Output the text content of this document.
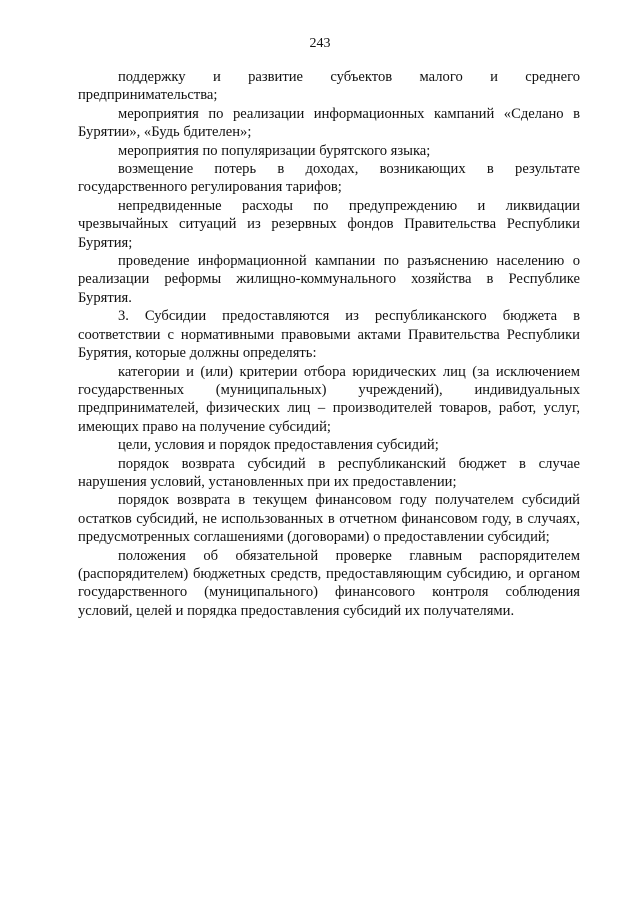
243

поддержку и развитие субъектов малого и среднего предпринимательства;

мероприятия по реализации информационных кампаний «Сделано в Бурятии», «Будь бдителен»;

мероприятия по популяризации бурятского языка;

возмещение потерь в доходах, возникающих в результате государственного регулирования тарифов;

непредвиденные расходы по предупреждению и ликвидации чрезвычайных ситуаций из резервных фондов Правительства Республики Бурятия;

проведение информационной кампании по разъяснению населению о реализации реформы жилищно-коммунального хозяйства в Республике Бурятия.

3. Субсидии предоставляются из республиканского бюджета в соответствии с нормативными правовыми актами Правительства Республики Бурятия, которые должны определять:

категории и (или) критерии отбора юридических лиц (за исключением государственных (муниципальных) учреждений), индивидуальных предпринимателей, физических лиц – производителей товаров, работ, услуг, имеющих право на получение субсидий;

цели, условия и порядок предоставления субсидий;

порядок возврата субсидий в республиканский бюджет в случае нарушения условий, установленных при их предоставлении;

порядок возврата в текущем финансовом году получателем субсидий остатков субсидий, не использованных в отчетном финансовом году, в случаях, предусмотренных соглашениями (договорами) о предоставлении субсидий;

положения об обязательной проверке главным распорядителем (распорядителем) бюджетных средств, предоставляющим субсидию, и органом государственного (муниципального) финансового контроля соблюдения условий, целей и порядка предоставления субсидий их получателями.
